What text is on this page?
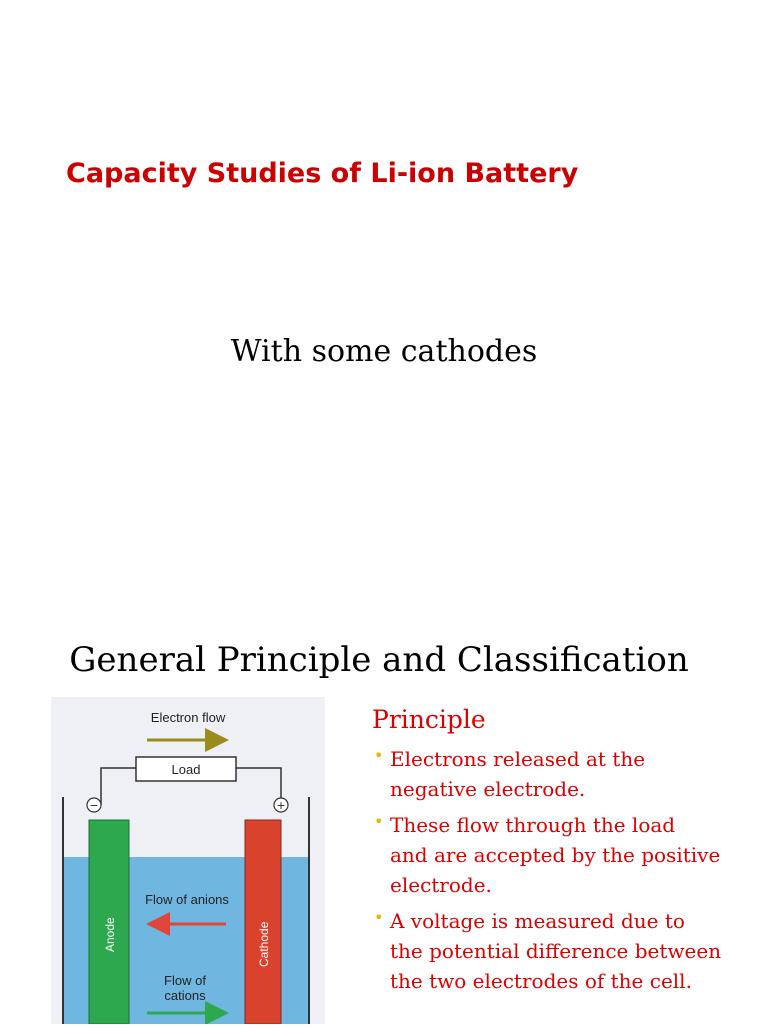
Capacity Studies of Li-ion Battery
With some cathodes
General Principle and Classification
Electron flow
Load
−	+
Anode	Cathode
Flow of anions
Flow of
cations
Principle
• Electrons released at the
negative electrode.
• These flow through the load
and are accepted by the positive
electrode.
• A voltage is measured due to
the potential difference between
the two electrodes of the cell.
